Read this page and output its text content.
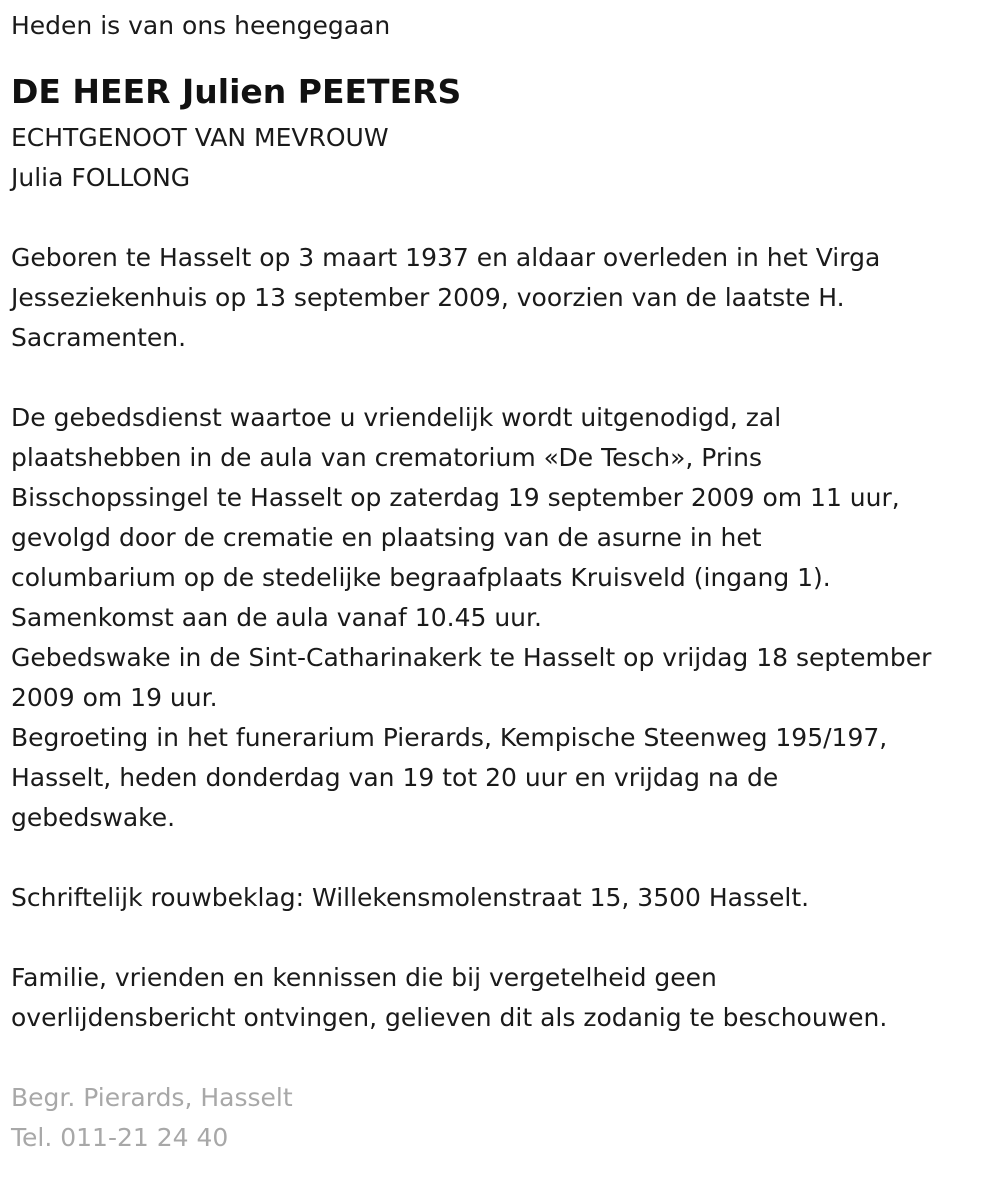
Heden is van ons heengegaan
DE HEER Julien PEETERS
ECHTGENOOT VAN MEVROUW
Julia FOLLONG
Geboren te Hasselt op 3 maart 1937 en aldaar overleden in het Virga
Jesseziekenhuis op 13 september 2009, voorzien van de laatste H.
Sacramenten.
De gebedsdienst waartoe u vriendelijk wordt uitgenodigd, zal
plaatshebben in de aula van crematorium «De Tesch», Prins
Bisschopssingel te Hasselt op zaterdag 19 september 2009 om 11 uur,
gevolgd door de crematie en plaatsing van de asurne in het
columbarium op de stedelijke begraafplaats Kruisveld (ingang 1).
Samenkomst aan de aula vanaf 10.45 uur.
Gebedswake in de Sint-Catharinakerk te Hasselt op vrijdag 18 september
2009 om 19 uur.
Begroeting in het funerarium Pierards, Kempische Steenweg 195/197,
Hasselt, heden donderdag van 19 tot 20 uur en vrijdag na de
gebedswake.
Schriftelijk rouwbeklag: Willekensmolenstraat 15, 3500 Hasselt.
Familie, vrienden en kennissen die bij vergetelheid geen
overlijdensbericht ontvingen, gelieven dit als zodanig te beschouwen.
Begr. Pierards, Hasselt
Tel. 011-21 24 40
